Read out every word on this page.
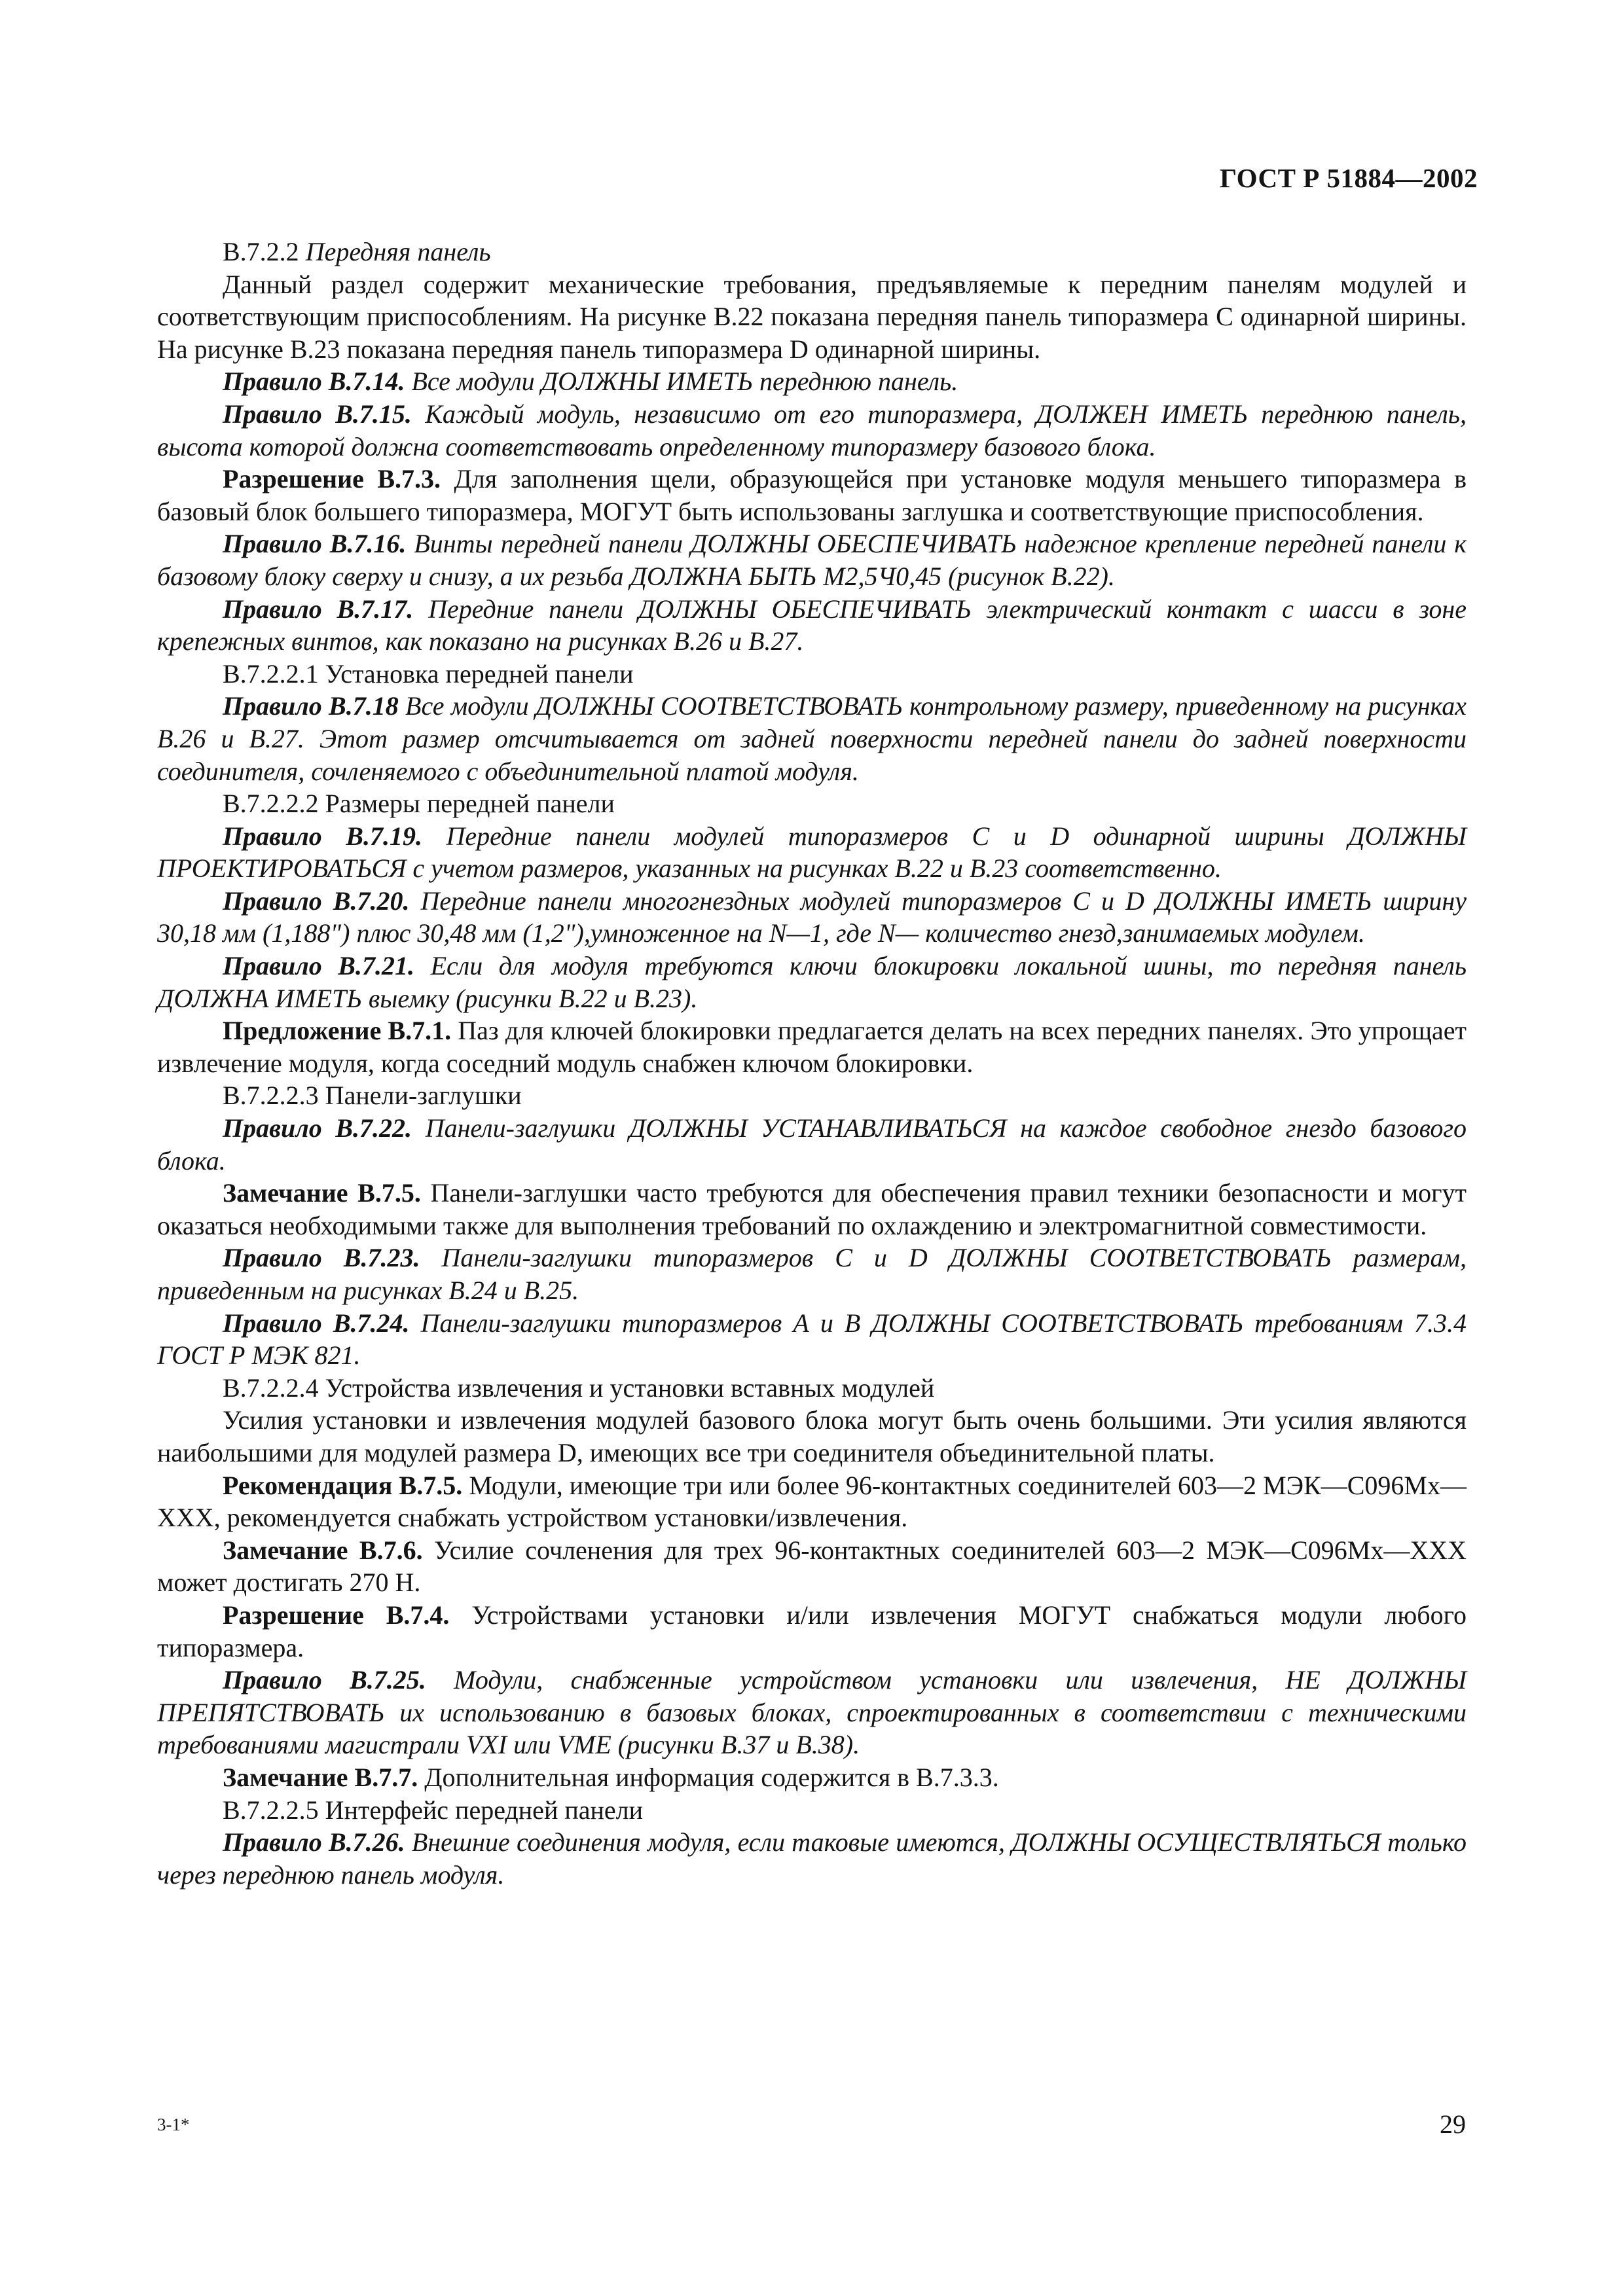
ГОСТ Р 51884—2002

В.7.2.2 Передняя панель

Данный раздел содержит механические требования, предъявляемые к передним панелям модулей и соответствующим приспособлениям. На рисунке В.22 показана передняя панель типоразмера С одинарной ширины. На рисунке В.23 показана передняя панель типоразмера D одинарной ширины.

Правило В.7.14. Все модули ДОЛЖНЫ ИМЕТЬ переднюю панель.

Правило В.7.15. Каждый модуль, независимо от его типоразмера, ДОЛЖЕН ИМЕТЬ переднюю панель, высота которой должна соответствовать определенному типоразмеру базового блока.

Разрешение В.7.3. Для заполнения щели, образующейся при установке модуля меньшего типоразмера в базовый блок большего типоразмера, МОГУТ быть использованы заглушка и соответствующие приспособления.

Правило В.7.16. Винты передней панели ДОЛЖНЫ ОБЕСПЕЧИВАТЬ надежное крепление передней панели к базовому блоку сверху и снизу, а их резьба ДОЛЖНА БЫТЬ М2,5Ч0,45 (рисунок В.22).

Правило В.7.17. Передние панели ДОЛЖНЫ ОБЕСПЕЧИВАТЬ электрический контакт с шасси в зоне крепежных винтов, как показано на рисунках В.26 и В.27.

В.7.2.2.1 Установка передней панели

Правило В.7.18 Все модули ДОЛЖНЫ СООТВЕТСТВОВАТЬ контрольному размеру, приведенному на рисунках В.26 и В.27. Этот размер отсчитывается от задней поверхности передней панели до задней поверхности соединителя, сочленяемого с объединительной платой модуля.

В.7.2.2.2 Размеры передней панели

Правило В.7.19. Передние панели модулей типоразмеров С и D одинарной ширины ДОЛЖНЫ ПРОЕКТИРОВАТЬСЯ с учетом размеров, указанных на рисунках В.22 и В.23 соответственно.

Правило В.7.20. Передние панели многогнездных модулей типоразмеров С и D ДОЛЖНЫ ИМЕТЬ ширину 30,18 мм (1,188") плюс 30,48 мм (1,2"),умноженное на N—1, где N— количество гнезд,занимаемых модулем.

Правило В.7.21. Если для модуля требуются ключи блокировки локальной шины, то передняя панель ДОЛЖНА ИМЕТЬ выемку (рисунки В.22 и В.23).

Предложение В.7.1. Паз для ключей блокировки предлагается делать на всех передних панелях. Это упрощает извлечение модуля, когда соседний модуль снабжен ключом блокировки.

В.7.2.2.3 Панели-заглушки

Правило В.7.22. Панели-заглушки ДОЛЖНЫ УСТАНАВЛИВАТЬСЯ на каждое свободное гнездо базового блока.

Замечание В.7.5. Панели-заглушки часто требуются для обеспечения правил техники безопасности и могут оказаться необходимыми также для выполнения требований по охлаждению и электромагнитной совместимости.

Правило В.7.23. Панели-заглушки типоразмеров С и D ДОЛЖНЫ СООТВЕТСТВОВАТЬ размерам, приведенным на рисунках В.24 и В.25.

Правило В.7.24. Панели-заглушки типоразмеров А и В ДОЛЖНЫ СООТВЕТСТВОВАТЬ требованиям 7.3.4 ГОСТ Р МЭК 821.

В.7.2.2.4 Устройства извлечения и установки вставных модулей

Усилия установки и извлечения модулей базового блока могут быть очень большими. Эти усилия являются наибольшими для модулей размера D, имеющих все три соединителя объединительной платы.

Рекомендация В.7.5. Модули, имеющие три или более 96-контактных соединителей 603—2 МЭК—С096Мх—XXX, рекомендуется снабжать устройством установки/извлечения.

Замечание В.7.6. Усилие сочленения для трех 96-контактных соединителей 603—2 МЭК—С096Мх—XXX может достигать 270 Н.

Разрешение В.7.4. Устройствами установки и/или извлечения МОГУТ снабжаться модули любого типоразмера.

Правило В.7.25. Модули, снабженные устройством установки или извлечения, НЕ ДОЛЖНЫ ПРЕПЯТСТВОВАТЬ их использованию в базовых блоках, спроектированных в соответствии с техническими требованиями магистрали VXI или VME (рисунки В.37 и В.38).

Замечание В.7.7. Дополнительная информация содержится в В.7.3.3.

В.7.2.2.5 Интерфейс передней панели

Правило В.7.26. Внешние соединения модуля, если таковые имеются, ДОЛЖНЫ ОСУЩЕСТВЛЯТЬСЯ только через переднюю панель модуля.

3-1*	29
